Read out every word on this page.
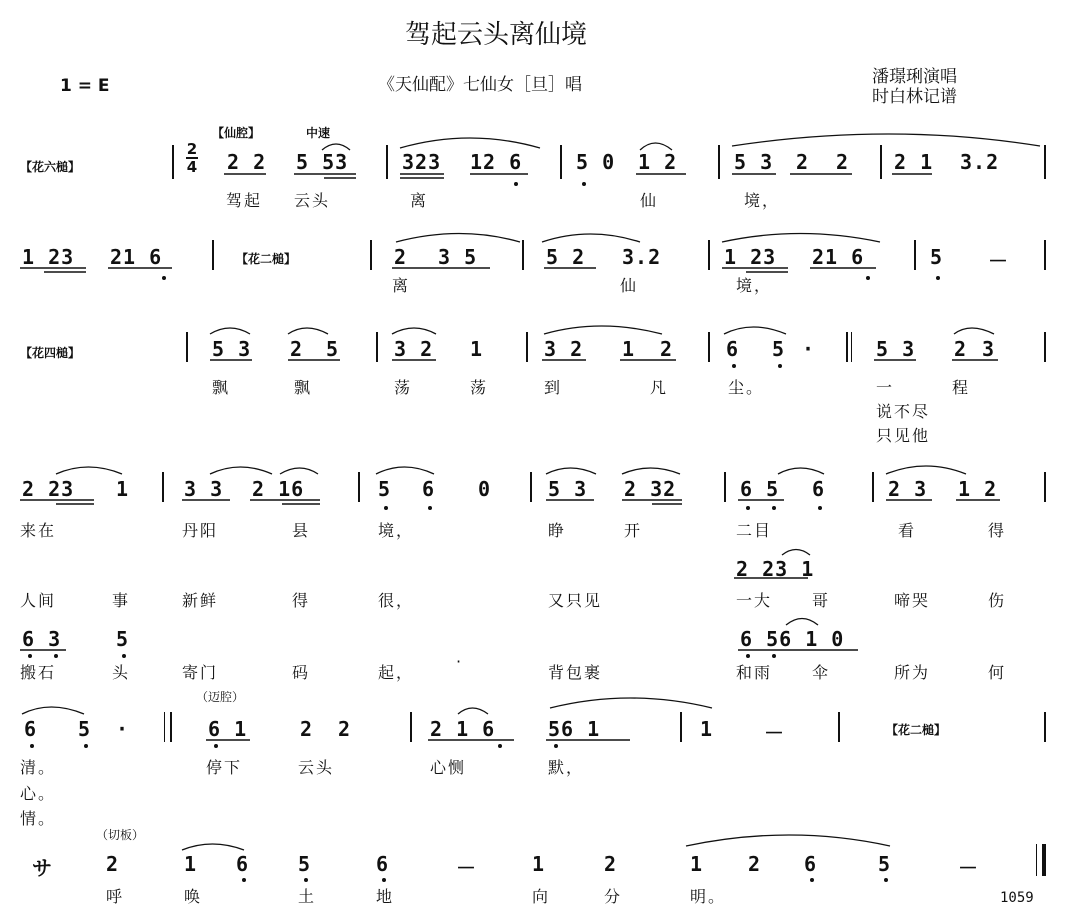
驾起云头离仙境
1 = E	《天仙配》七仙女［旦］唱	潘璟琍演唱
时白林记谱
【仙腔】	中速
【花六槌】
2
4 2 2 5 53	323 12 6	5 0 1 2	5 3 2 2 2 1 3.2
驾起 云头	离	仙	境，
1 23 21 6	【花二槌】	2 3 5	5 2 3.2	1 23 21 6	5 －
离	仙	境，
【花四槌】	5 3 2 5	3 2 1	3 2 1 2	6 5 ·	5 3 2 3
飘	飘	荡	荡	到	凡	尘。	一	程
说不尽
只见他
2 23 1	3 3 2 16	5 6 0	5 3 2 32	6 5 6	2 3 1 2
来在	丹阳	县	境，	睁	开	二目	看	得
2 23 1
人间	事	新鲜	得	很，	又只见	一大 哥	啼哭	伤
6 3	5	6 56 1 0
搬石	头	寄门	码	起，
·
背包裹	和雨 伞	所为	何
（迈腔）
6 5 ·	6 1	2 2	2 1 6	56 1	1	－	【花二槌】
清。	停下	云头	心恻	默，
心。
情。
（切板）
サ	2	1 6 5	6	－	1	2	1 2 6	5	－
呼	唤	土	地	向	分	明。	1059
